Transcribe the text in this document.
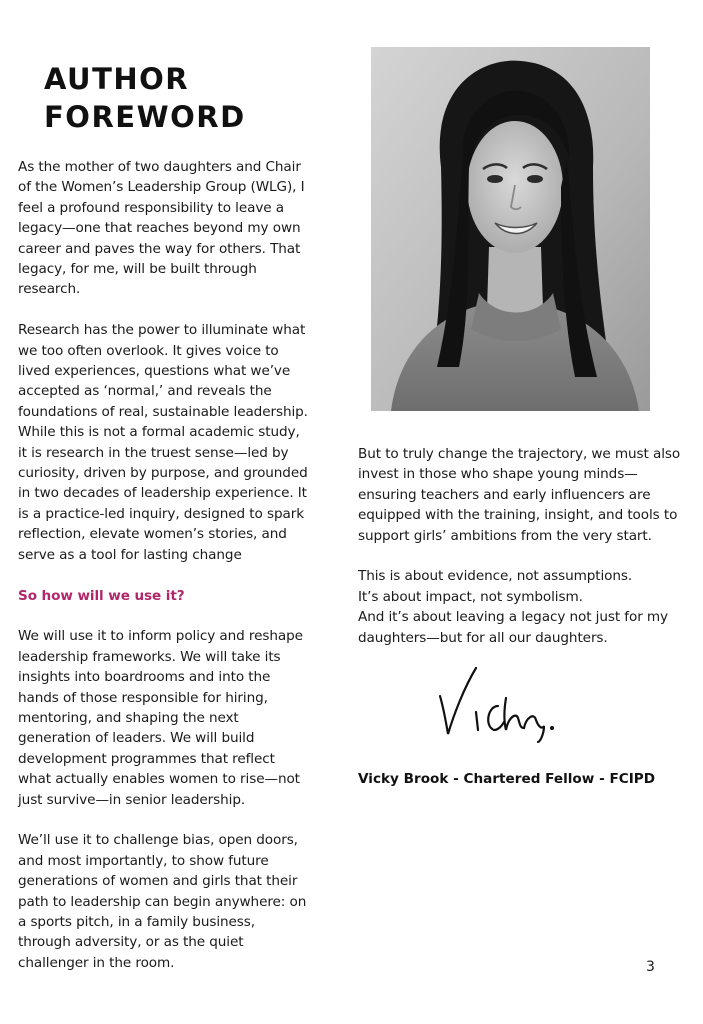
AUTHOR
FOREWORD

As the mother of two daughters and Chair of the Women’s Leadership Group (WLG), I feel a profound responsibility to leave a legacy—one that reaches beyond my own career and paves the way for others. That legacy, for me, will be built through research.

Research has the power to illuminate what we too often overlook. It gives voice to lived experiences, questions what we’ve accepted as ‘normal,’ and reveals the foundations of real, sustainable leadership. While this is not a formal academic study, it is research in the truest sense—led by curiosity, driven by purpose, and grounded in two decades of leadership experience. It is a practice-led inquiry, designed to spark reflection, elevate women’s stories, and serve as a tool for lasting change

So how will we use it?

We will use it to inform policy and reshape leadership frameworks. We will take its insights into boardrooms and into the hands of those responsible for hiring, mentoring, and shaping the next generation of leaders. We will build development programmes that reflect what actually enables women to rise—not just survive—in senior leadership.

We’ll use it to challenge bias, open doors, and most importantly, to show future generations of women and girls that their path to leadership can begin anywhere: on a sports pitch, in a family business, through adversity, or as the quiet challenger in the room.

But to truly change the trajectory, we must also invest in those who shape young minds—ensuring teachers and early influencers are equipped with the training, insight, and tools to support girls’ ambitions from the very start.

This is about evidence, not assumptions.
It’s about impact, not symbolism.
And it’s about leaving a legacy not just for my daughters—but for all our daughters.

Vicky Brook - Chartered Fellow - FCIPD
3
